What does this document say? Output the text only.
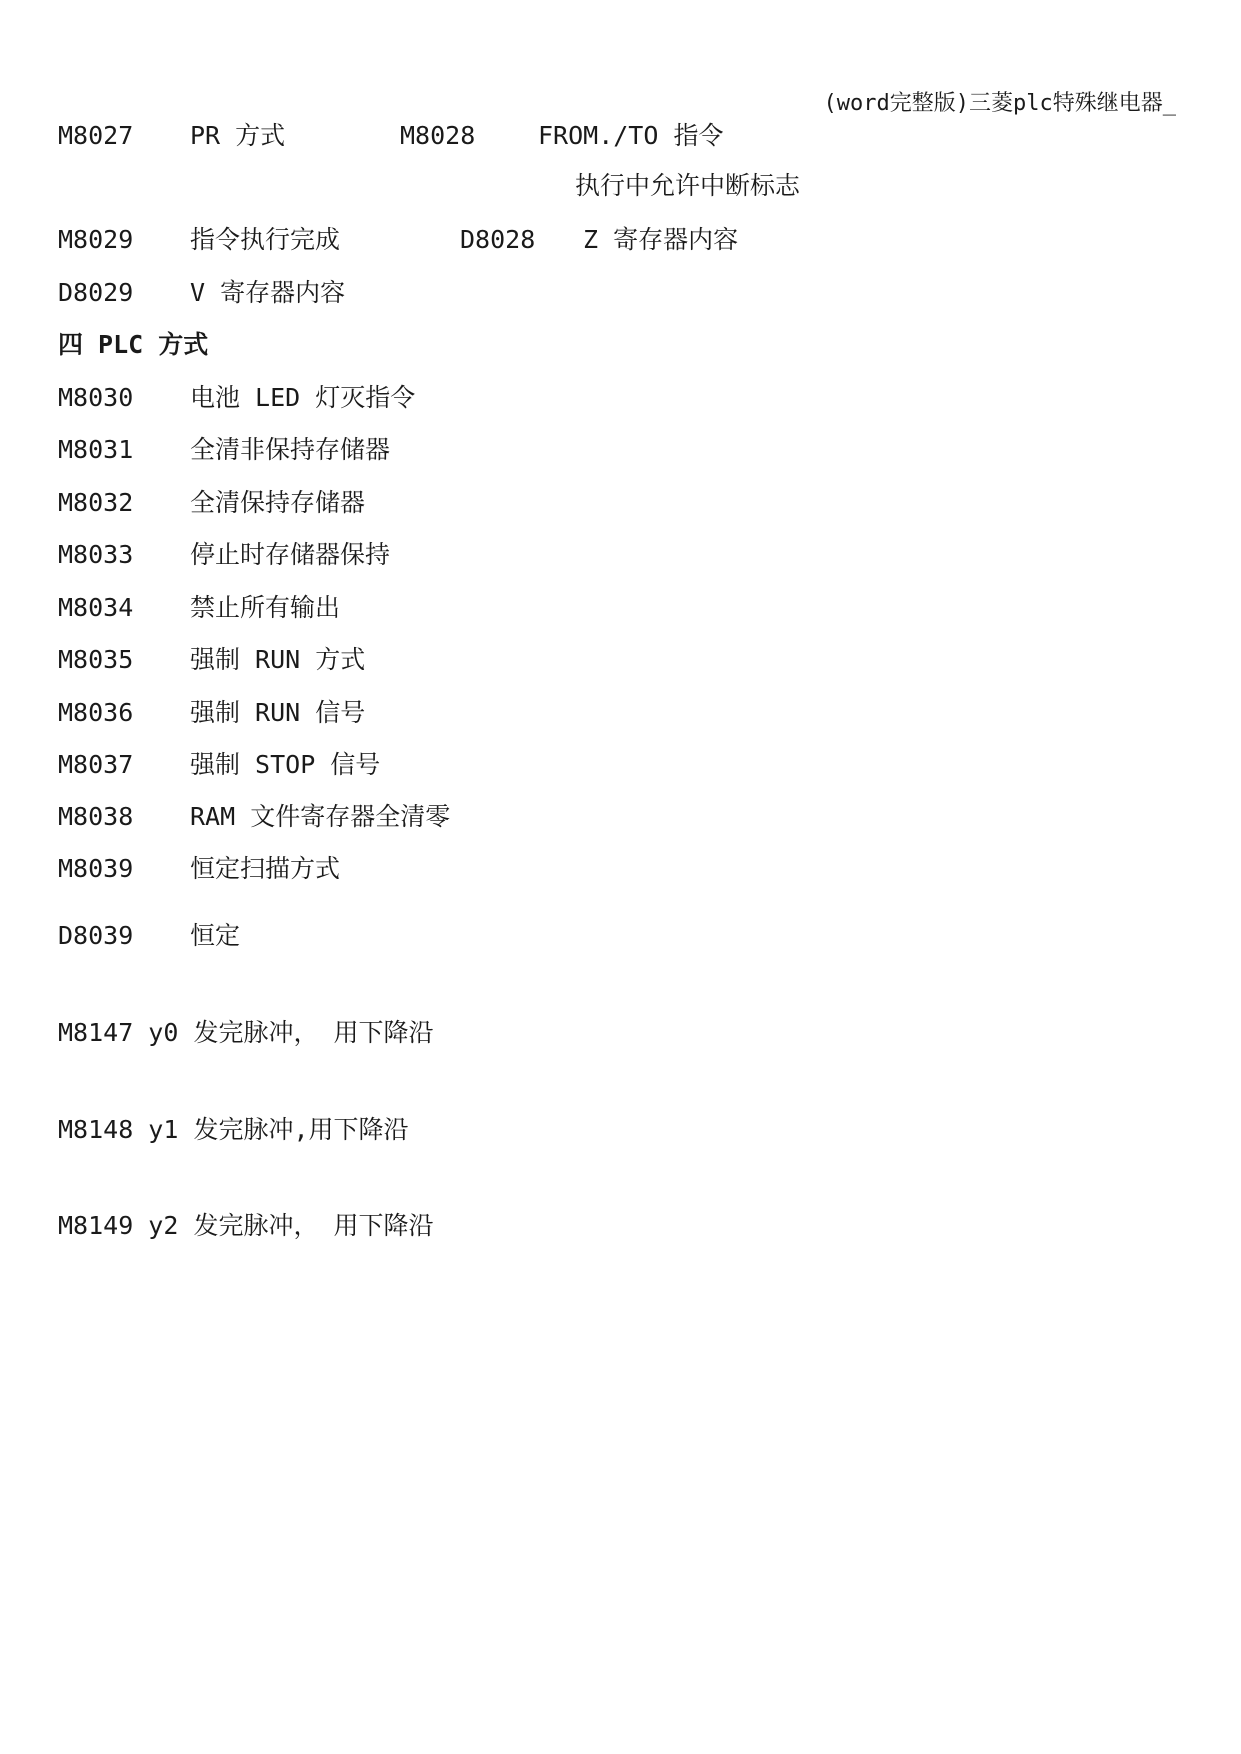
(word完整版)三菱plc特殊继电器_
M8027 PR 方式	M8028	FROM./TO 指令
执行中允许中断标志
M8029 指令执行完成	D8028 Z 寄存器内容
D8029 V 寄存器内容
四 PLC 方式
M8030 电池 LED 灯灭指令
M8031 全清非保持存储器
M8032 全清保持存储器
M8033 停止时存储器保持
M8034 禁止所有输出
M8035 强制 RUN 方式
M8036 强制 RUN 信号
M8037 强制 STOP 信号
M8038 RAM 文件寄存器全清零
M8039 恒定扫描方式
D8039 恒定
M8147 y0 发完脉冲， 用下降沿
M8148 y1 发完脉冲,用下降沿
M8149 y2 发完脉冲， 用下降沿
